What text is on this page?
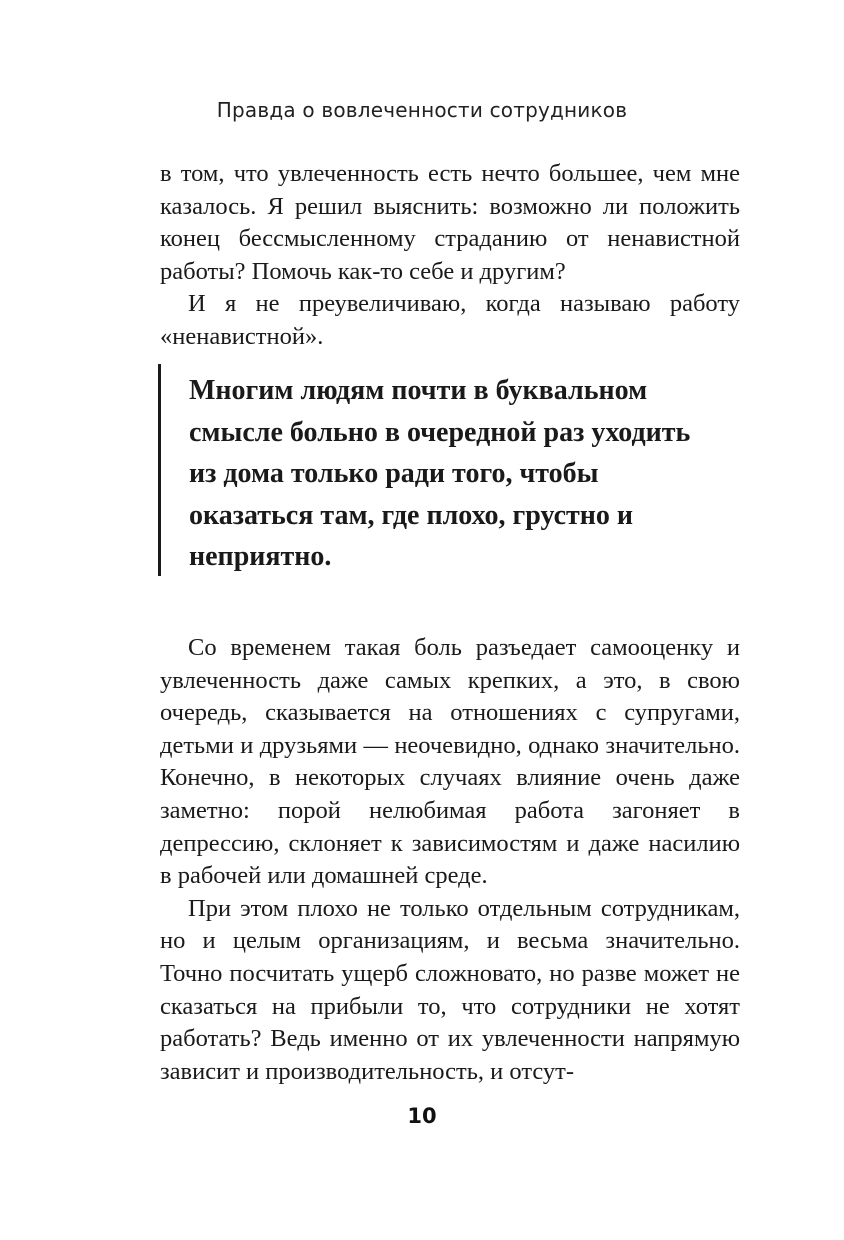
Правда о вовлеченности сотрудников

в том, что увлеченность есть нечто большее, чем мне казалось. Я решил выяснить: возможно ли положить конец бессмысленному страданию от ненавистной работы? Помочь как-то себе и другим?

И я не преувеличиваю, когда называю работу «ненавистной».

Многим людям почти в буквальном смысле больно в очередной раз уходить из дома только ради того, чтобы оказаться там, где плохо, грустно и неприятно.

Со временем такая боль разъедает самооценку и увлеченность даже самых крепких, а это, в свою очередь, сказывается на отношениях с супругами, детьми и друзьями — неочевидно, однако значительно. Конечно, в некоторых случаях влияние очень даже заметно: порой нелюбимая работа загоняет в депрессию, склоняет к зависимостям и даже насилию в рабочей или домашней среде.

При этом плохо не только отдельным сотрудникам, но и целым организациям, и весьма значительно. Точно посчитать ущерб сложновато, но разве может не сказаться на прибыли то, что сотрудники не хотят работать? Ведь именно от их увлеченности напрямую зависит и производительность, и отсут-

10
